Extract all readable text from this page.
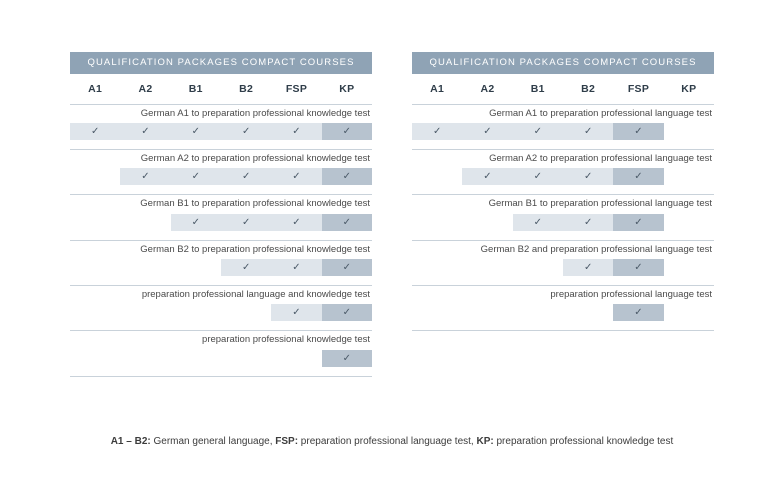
QUALIFICATION PACKAGES COMPACT COURSES
A1	A2	B1	B2	FSP	KP
German A1 to preparation professional knowledge test					
✓	✓	✓	✓	✓	✓

German A2 to preparation professional knowledge test					
	✓	✓	✓	✓	✓

German B1 to preparation professional knowledge test					
		✓	✓	✓	✓

German B2 to preparation professional knowledge test					
			✓	✓	✓

preparation professional language and knowledge test					
				✓	✓

preparation professional knowledge test					
					✓

QUALIFICATION PACKAGES COMPACT COURSES
A1	A2	B1	B2	FSP	KP
German A1 to preparation professional language test					
✓	✓	✓	✓	✓	

German A2 to preparation professional language test					
	✓	✓	✓	✓	

German B1 to preparation professional language test					
		✓	✓	✓	

German B2 and preparation professional language test					
			✓	✓	

preparation professional language test					
				✓	

A1 – B2: German general language, FSP: preparation professional language test, KP: preparation professional knowledge test
